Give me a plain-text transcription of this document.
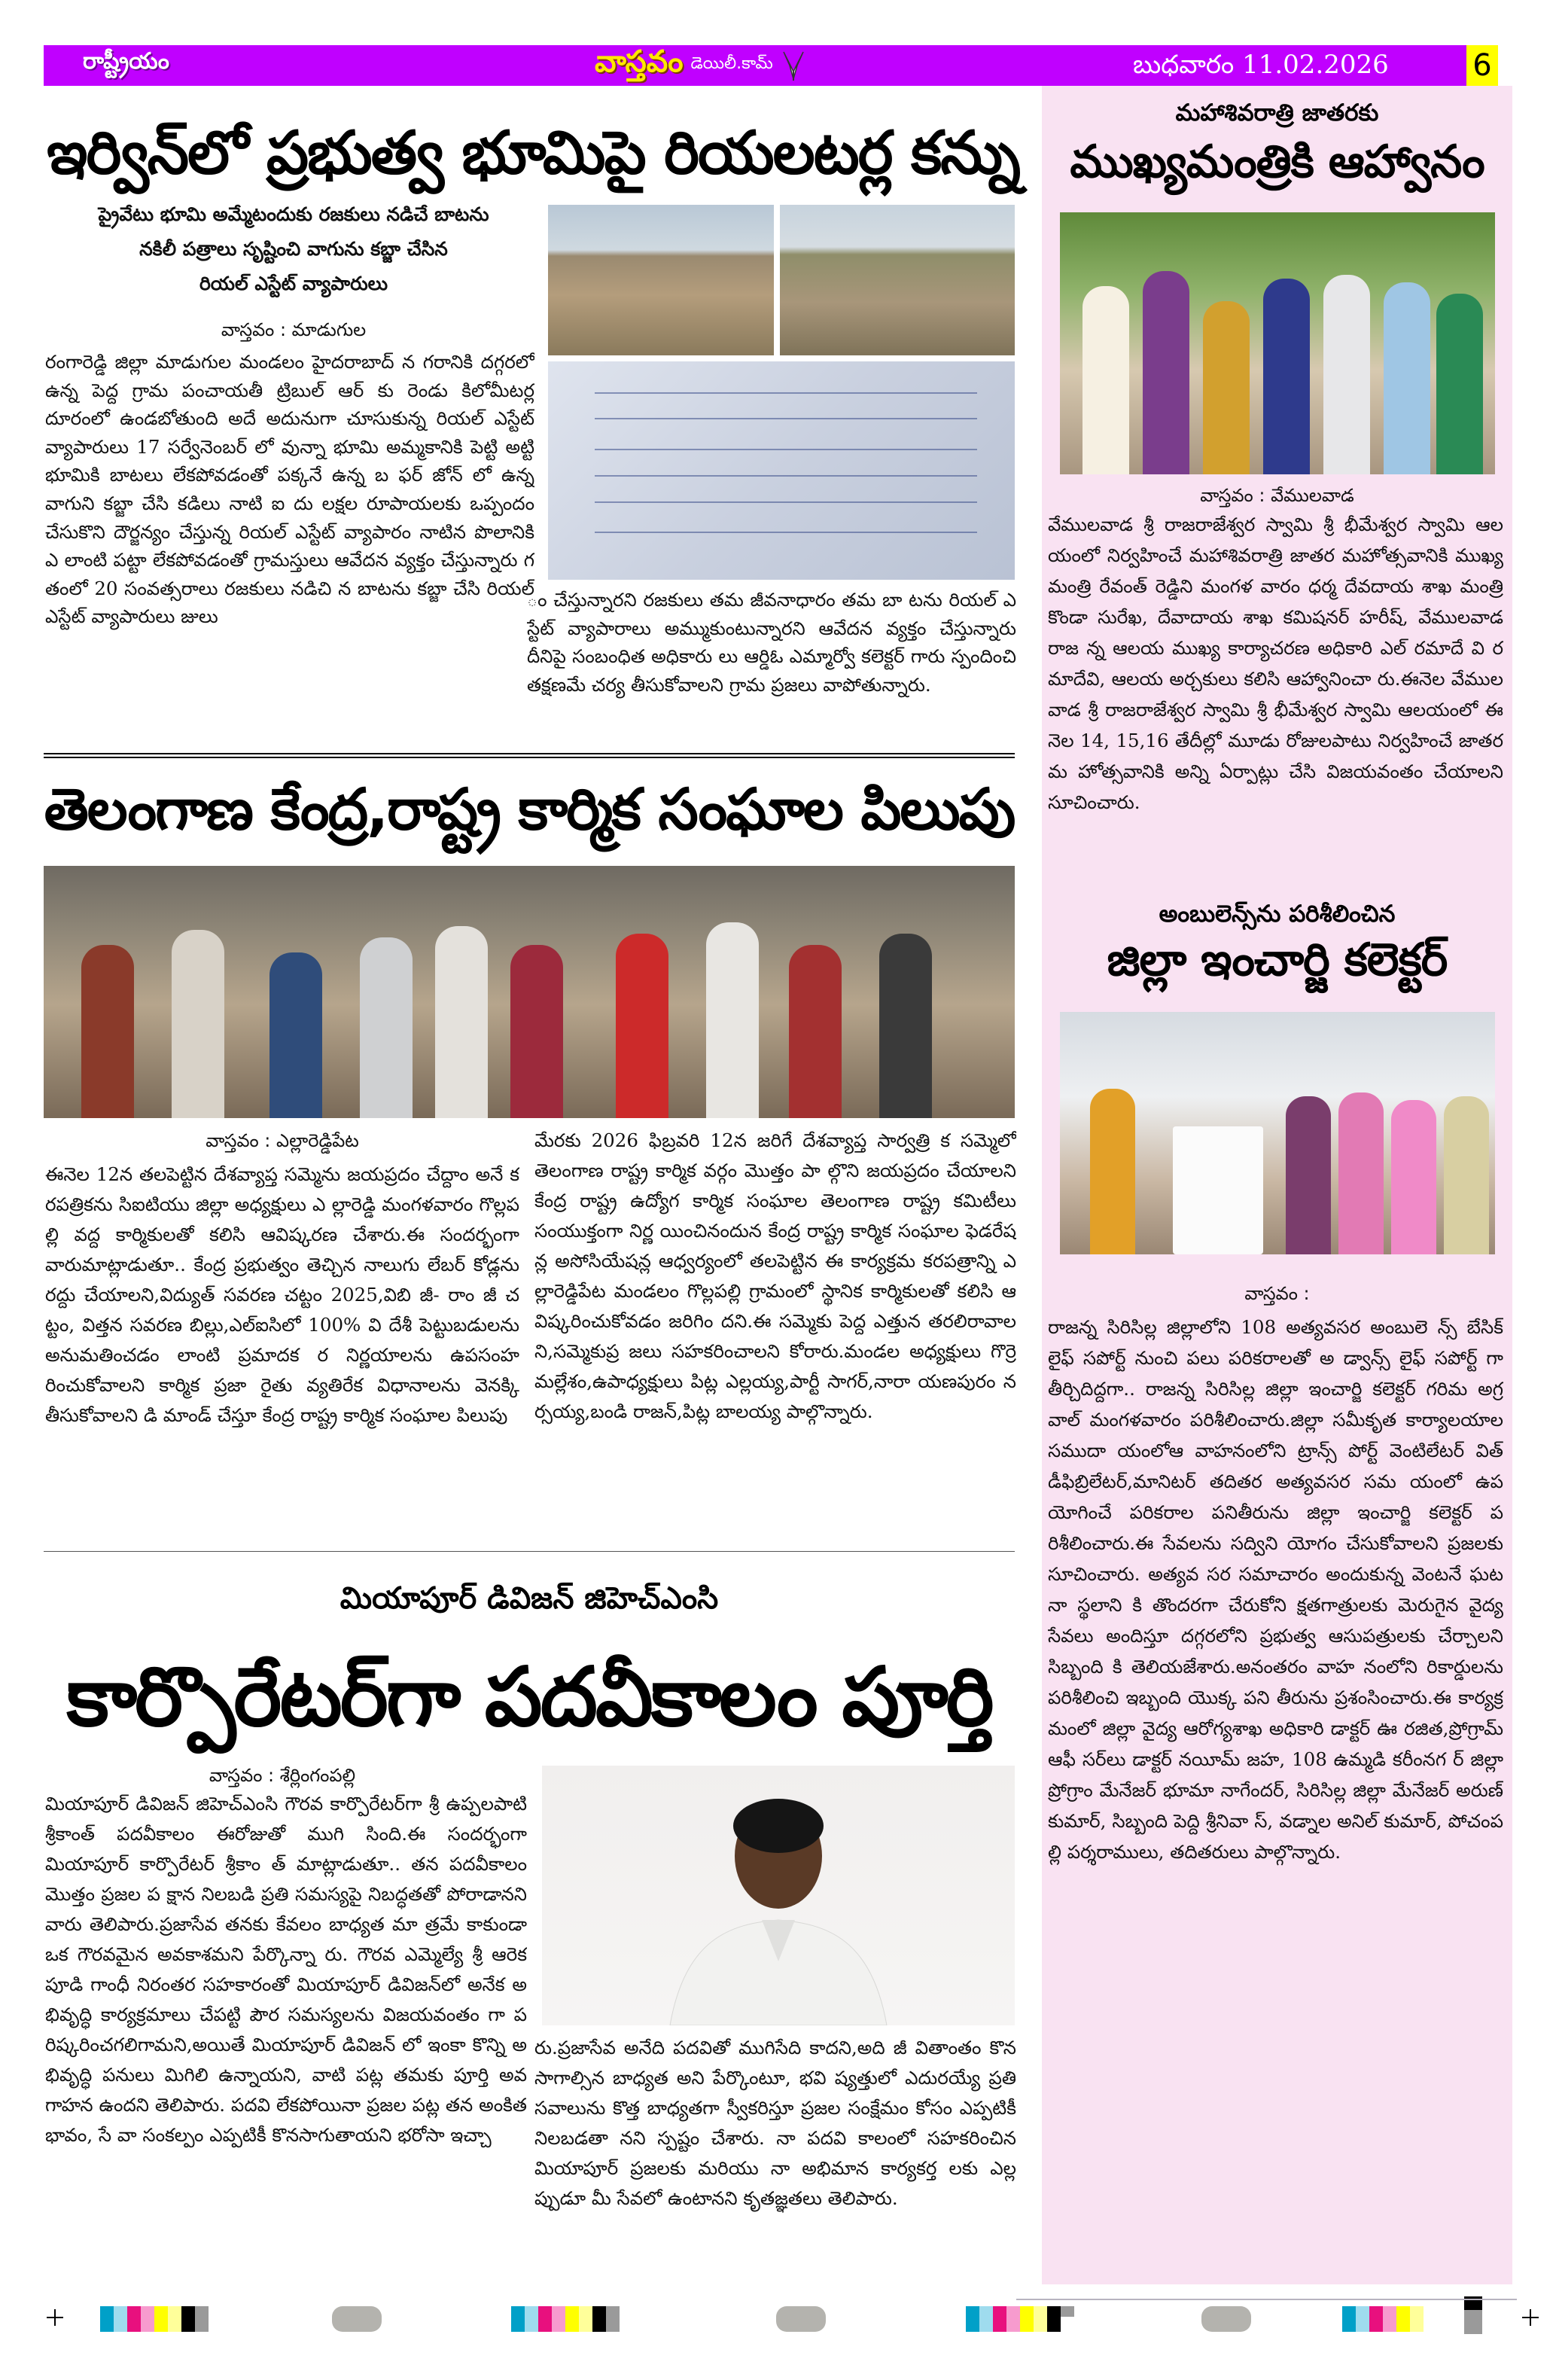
రాష్ట్రీయం	వాస్తవం డెయిలీ.కామ్	బుధవారం 11.02.2026	6
ఇర్విన్‌లో ప్రభుత్వ భూమిపై రియలటర్ల కన్ను
ప్రైవేటు భూమి అమ్మేటందుకు రజకులు నడిచే బాటను
నకిలీ పత్రాలు సృష్టించి వాగును కబ్జా చేసిన
రియల్ ఎస్టేట్ వ్యాపారులు
వాస్తవం : మాడుగుల

రంగారెడ్డి జిల్లా మాడుగుల మండలం హైదరాబాద్ న గరానికి దగ్గరలో ఉన్న పెద్ద గ్రామ పంచాయతీ ట్రిబుల్ ఆర్ కు రెండు కిలోమీటర్ల దూరంలో ఉండబోతుంది అదే అదునుగా చూసుకున్న రియల్ ఎస్టేట్ వ్యాపారులు 17 సర్వేనెంబర్ లో వున్నా భూమి అమ్మకానికి పెట్టి అట్టి భూమికి బాటలు లేకపోవడంతో పక్కనే ఉన్న బ ఫర్ జోన్ లో ఉన్న వాగుని కబ్జా చేసి కడిలు నాటి ఐ దు లక్షల రూపాయలకు ఒప్పందం చేసుకొని దౌర్జన్యం చేస్తున్న రియల్ ఎస్టేట్ వ్యాపారం నాటిన పొలానికి ఎ లాంటి పట్టా లేకపోవడంతో గ్రామస్తులు ఆవేదన వ్యక్తం చేస్తున్నారు గతంలో 20 సంవత్సరాలు రజకులు నడిచి న బాటను కబ్జా చేసి రియల్ ఎస్టేట్ వ్యాపారులు జులు

ం చేస్తున్నారని రజకులు తమ జీవనాధారం తమ బా టను రియల్ ఎస్టేట్ వ్యాపారాలు అమ్ముకుంటున్నారని ఆవేదన వ్యక్తం చేస్తున్నారు దీనిపై సంబంధిత అధికారు లు ఆర్డిఓ ఎమ్మార్వో కలెక్టర్ గారు స్పందించి తక్షణమే చర్య తీసుకోవాలని గ్రామ ప్రజలు వాపోతున్నారు.

తెలంగాణ కేంద్ర,రాష్ట్ర కార్మిక సంఘాల పిలుపు
వాస్తవం : ఎల్లారెడ్డిపేట

ఈనెల 12న తలపెట్టిన దేశవ్యాప్త సమ్మెను జయప్రదం చేద్దాం అనే కరపత్రికను సిఐటియు జిల్లా అధ్యక్షులు ఎ ల్లారెడ్డి మంగళవారం గొల్లపల్లి వద్ద కార్మికులతో కలిసి ఆవిష్కరణ చేశారు.ఈ సందర్భంగా వారుమాట్లాడుతూ.. కేంద్ర ప్రభుత్వం తెచ్చిన నాలుగు లేబర్ కోడ్లను రద్దు చేయాలని,విద్యుత్ సవరణ చట్టం 2025,విబి జీ- రాం జీ చట్టం, విత్తన సవరణ బిల్లు,ఎల్ఐసిలో 100% వి దేశీ పెట్టుబడులను అనుమతించడం లాంటి ప్రమాదక ర నిర్ణయాలను ఉపసంహరించుకోవాలని కార్మిక ప్రజా రైతు వ్యతిరేక విధానాలను వెనక్కి తీసుకోవాలని డి మాండ్ చేస్తూ కేంద్ర రాష్ట్ర కార్మిక సంఘాల పిలుపు

మేరకు 2026 ఫిబ్రవరి 12న జరిగే దేశవ్యాప్త సార్వత్రి క సమ్మెలో తెలంగాణ రాష్ట్ర కార్మిక వర్గం మొత్తం పా ల్గొని జయప్రదం చేయాలని కేంద్ర రాష్ట్ర ఉద్యోగ కార్మిక సంఘాల తెలంగాణ రాష్ట్ర కమిటీలు సంయుక్తంగా నిర్ణ యించినందున కేంద్ర రాష్ట్ర కార్మిక సంఘాల ఫెడరేష న్ల అసోసియేషన్ల ఆధ్వర్యంలో తలపెట్టిన ఈ కార్యక్రమ కరపత్రాన్ని ఎల్లారెడ్డిపేట మండలం గొల్లపల్లి గ్రామంలో స్థానిక కార్మికులతో కలిసి ఆవిష్కరించుకోవడం జరిగిం దని.ఈ సమ్మెకు పెద్ద ఎత్తున తరలిరావాలని,సమ్మెకుప్ర జలు సహకరించాలని కోరారు.మండల అధ్యక్షులు గొర్రె మల్లేశం,ఉపాధ్యక్షులు పిట్ల ఎల్లయ్య,పార్టీ సాగర్,నారా యణపురం నర్సయ్య,బండి రాజన్,పిట్ల బాలయ్య పాల్గొన్నారు.

మియాపూర్ డివిజన్ జిహెచ్ఎంసి
కార్పొరేటర్‌గా పదవీకాలం పూర్తి
వాస్తవం : శేర్లింగంపల్లి

మియాపూర్ డివిజన్ జిహెచ్ఎంసి గౌరవ కార్పొరేటర్‌గా శ్రీ ఉప్పలపాటి శ్రీకాంత్ పదవీకాలం ఈరోజుతో ముగి సింది.ఈ సందర్భంగా మియాపూర్ కార్పొరేటర్ శ్రీకాం త్ మాట్లాడుతూ.. తన పదవీకాలం మొత్తం ప్రజల ప క్షాన నిలబడి ప్రతి సమస్యపై నిబద్ధతతో పోరాడానని వారు తెలిపారు.ప్రజాసేవ తనకు కేవలం బాధ్యత మా త్రమే కాకుండా ఒక గౌరవమైన అవకాశమని పేర్కొన్నా రు. గౌరవ ఎమ్మెల్యే శ్రీ ఆరెకపూడి గాంధీ నిరంతర సహకారంతో మియాపూర్ డివిజన్‌లో అనేక అభివృద్ధి కార్యక్రమాలు చేపట్టి పౌర సమస్యలను విజయవంతం గా పరిష్కరించగలిగామని,అయితే మియాపూర్ డివిజన్ లో ఇంకా కొన్ని అభివృద్ధి పనులు మిగిలి ఉన్నాయని, వాటి పట్ల తమకు పూర్తి అవగాహన ఉందని తెలిపారు. పదవి లేకపోయినా ప్రజల పట్ల తన అంకితభావం, సే వా సంకల్పం ఎప్పటికీ కొనసాగుతాయని భరోసా ఇచ్చా

రు.ప్రజాసేవ అనేది పదవితో ముగిసేది కాదని,అది జీ వితాంతం కొనసాగాల్సిన బాధ్యత అని పేర్కొంటూ, భవి ష్యత్తులో ఎదురయ్యే ప్రతి సవాలును కొత్త బాధ్యతగా స్వీకరిస్తూ ప్రజల సంక్షేమం కోసం ఎప్పటికీ నిలబడతా నని స్పష్టం చేశారు. నా పదవి కాలంలో సహకరించిన మియాపూర్ ప్రజలకు మరియు నా అభిమాన కార్యకర్త లకు ఎల్లప్పుడూ మీ సేవలో ఉంటానని కృతజ్ఞతలు తెలిపారు.

మహాశివరాత్రి జాతరకు
ముఖ్యమంత్రికి ఆహ్వానం
వాస్తవం : వేములవాడ

వేములవాడ శ్రీ రాజరాజేశ్వర స్వామి శ్రీ భీమేశ్వర స్వామి ఆలయంలో నిర్వహించే మహాశివరాత్రి జాతర మహోత్సవానికి ముఖ్యమంత్రి రేవంత్ రెడ్డిని మంగళ వారం ధర్మ దేవదాయ శాఖ మంత్రి కొండా సురేఖ, దేవాదాయ శాఖ కమిషనర్ హరీష్, వేములవాడ రాజ న్న ఆలయ ముఖ్య కార్యాచరణ అధికారి ఎల్ రమాదే వి రమాదేవి, ఆలయ అర్చకులు కలిసి ఆహ్వానించా రు.ఈనెల వేములవాడ శ్రీ రాజరాజేశ్వర స్వామి శ్రీ భీమేశ్వర స్వామి ఆలయంలో ఈనెల 14, 15,16 తేదీల్లో మూడు రోజులపాటు నిర్వహించే జాతర మ హోత్సవానికి అన్ని ఏర్పాట్లు చేసి విజయవంతం చేయాలని సూచించారు.

అంబులెన్స్‌ను పరిశీలించిన
జిల్లా ఇంచార్జి కలెక్టర్
వాస్తవం :

రాజన్న సిరిసిల్ల జిల్లాలోని 108 అత్యవసర అంబులె న్స్ బేసిక్ లైఫ్ సపోర్ట్ నుంచి పలు పరికరాలతో అ డ్వాన్స్ లైఫ్ సపోర్ట్ గా తీర్చిదిద్దగా.. రాజన్న సిరిసిల్ల జిల్లా ఇంచార్జి కలెక్టర్ గరిమ అగ్రవాల్ మంగళవారం పరిశీలించారు.జిల్లా సమీకృత కార్యాలయాల సముదా యంలోఆ వాహనంలోని ట్రాన్స్ పోర్ట్ వెంటిలేటర్ విత్ డీఫిబ్రిలేటర్,మానిటర్ తదితర అత్యవసర సమ యంలో ఉపయోగించే పరికరాల పనితీరును జిల్లా ఇంచార్జి కలెక్టర్ పరిశీలించారు.ఈ సేవలను సద్విని యోగం చేసుకోవాలని ప్రజలకు సూచించారు. అత్యవ సర సమాచారం అందుకున్న వెంటనే ఘటనా స్థలాని కి తొందరగా చేరుకోని క్షతగాత్రులకు మెరుగైన వైద్య సేవలు అందిస్తూ దగ్గరలోని ప్రభుత్వ ఆసుపత్రులకు చేర్చాలని సిబ్బంది కి తెలియజేశారు.అనంతరం వాహ నంలోని రికార్డులను పరిశీలించి ఇబ్బంది యొక్క పని తీరును ప్రశంసించారు.ఈ కార్యక్రమంలో జిల్లా వైద్య ఆరోగ్యశాఖ అధికారి డాక్టర్ ఊ రజిత,ప్రోగ్రామ్ ఆఫీ సర్‌లు డాక్టర్ నయీమ్ జహ, 108 ఉమ్మడి కరీంనగ ర్ జిల్లా ప్రోగ్రాం మేనేజర్ భూమా నాగేందర్, సిరిసిల్ల జిల్లా మేనేజర్ అరుణ్ కుమార్, సిబ్బంది పెద్ది శ్రీనివా స్, వడ్నాల అనిల్ కుమార్, పోచంపల్లి పర్శరాములు, తదితరులు పాల్గొన్నారు.
